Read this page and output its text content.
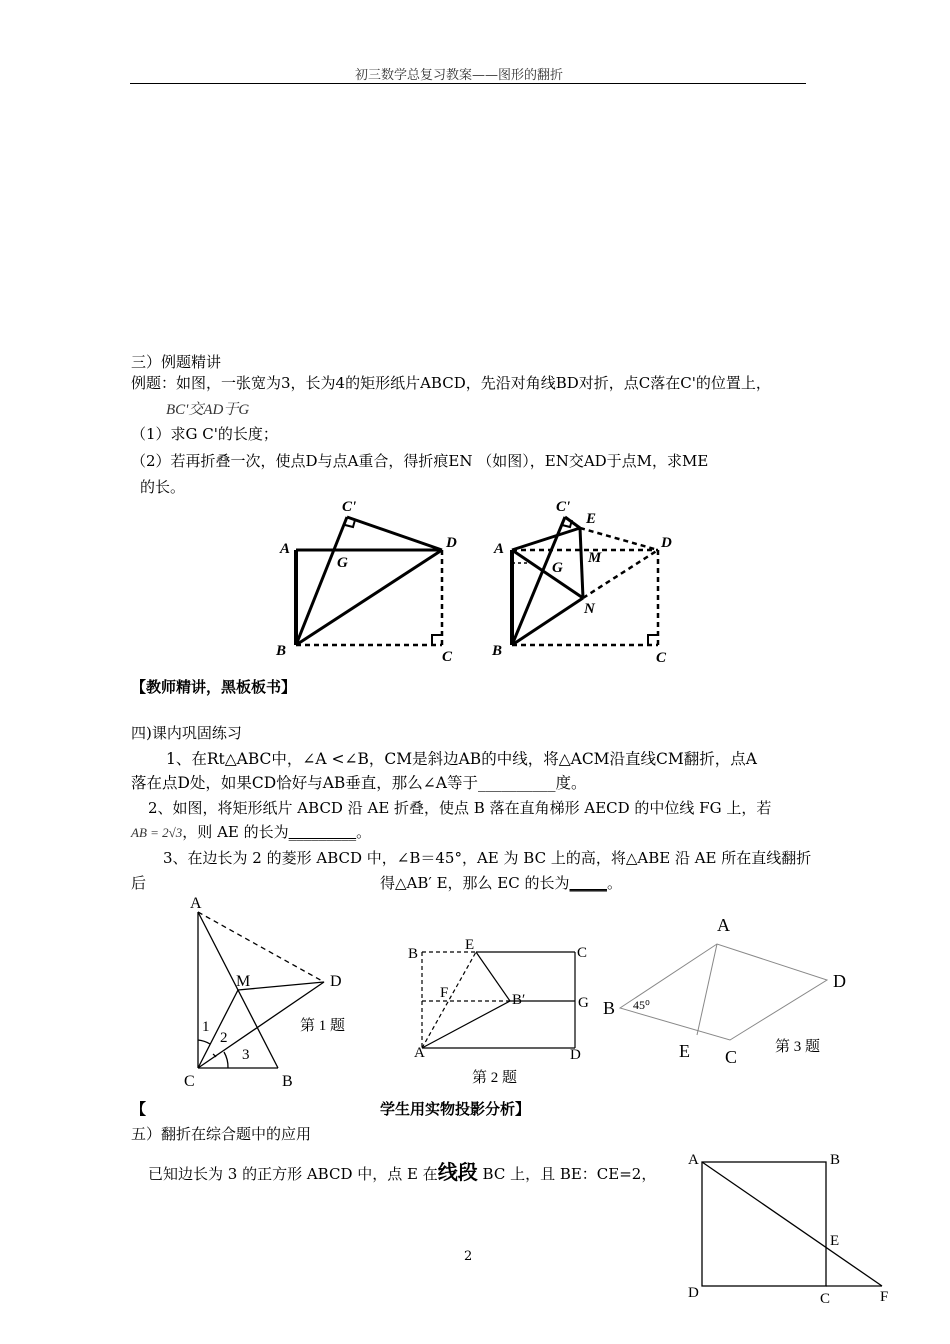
初三数学总复习教案——图形的翻折
三）例题精讲
例题：如图，一张宽为3，长为4的矩形纸片ABCD，先沿对角线BD对折，点C落在C'的位置上，
BC'交AD于G
（1）求G C'的长度；
（2）若再折叠一次，使点D与点A重合，得折痕EN （如图），EN交AD于点M，求ME
的长。
C'
A
G
D
B	C
C'
E
A
G
M
D
N
B	C
【教师精讲，黑板板书】
四)课内巩固练习
1、在Rt△ABC中，∠A <∠B，CM是斜边AB的中线，将△ACM沿直线CM翻折，点A
落在点D处，如果CD恰好与AB垂直，那么∠A等于__________度。
2、如图，将矩形纸片 ABCD 沿 AE 折叠，使点 B 落在直角梯形 AECD 的中位线 FG 上，若
AB = 2√3，则 AE 的长为_________。
3、在边长为 2 的菱形 ABCD 中，∠B＝45°，AE 为 BC 上的高，将△ABE 沿 AE 所在直线翻折
后	得△AB′ E，那么 EC 的长为_____。
A
M	D
1
2
3
C	B
第 1 题
B
E	C
F	B′	G
A	D
第 2 题
A
D
B 45⁰
E C	第 3 题
【	学生用实物投影分析】
五）翻折在综合题中的应用
已知边长为 3 的正方形 ABCD 中，点 E 在线段 BC 上，且 BE：CE=2，
A	B
E
D	C	F
2
